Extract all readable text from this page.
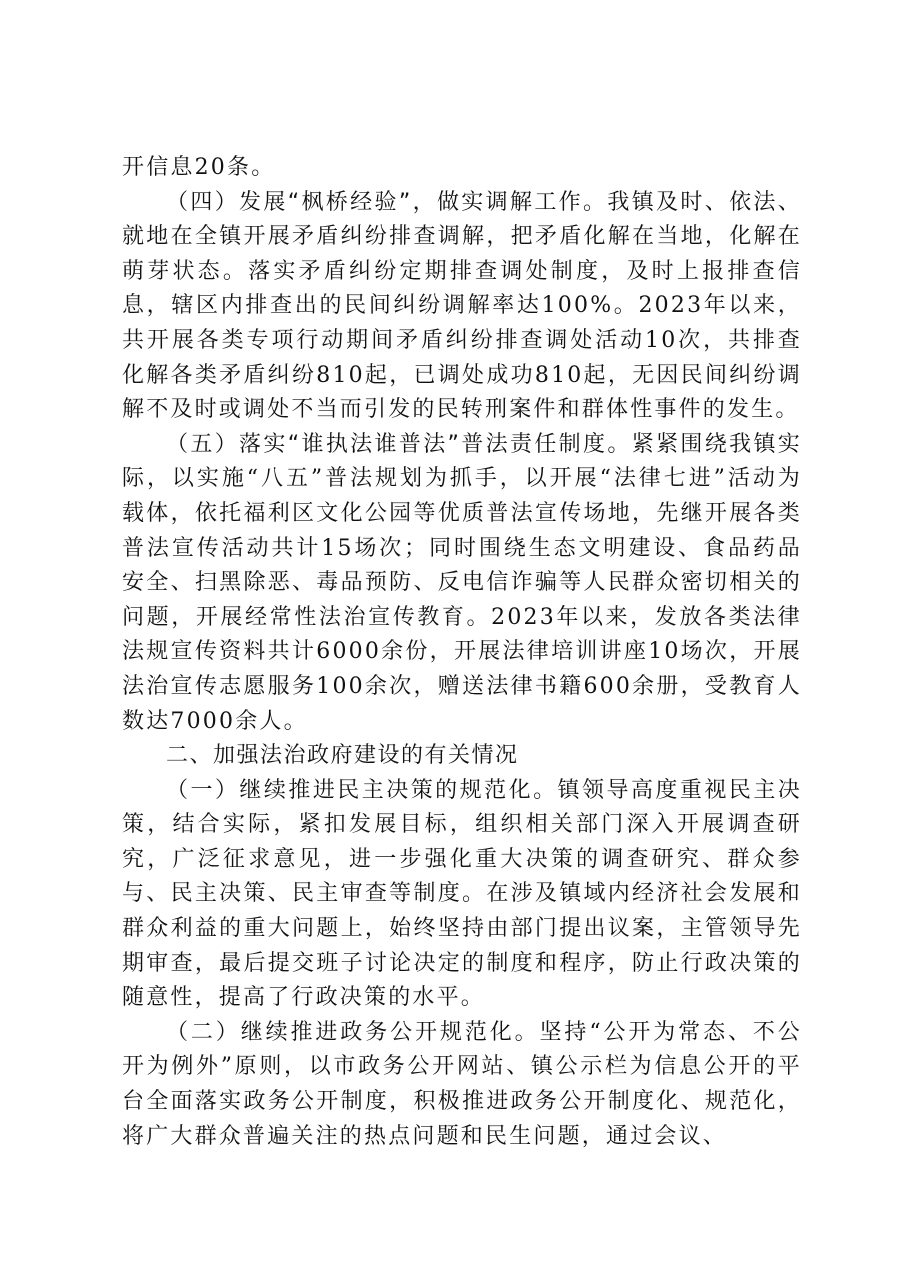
开信息20条。

（四）发展“枫桥经验”，做实调解工作。我镇及时、依法、就地在全镇开展矛盾纠纷排查调解，把矛盾化解在当地，化解在萌芽状态。落实矛盾纠纷定期排查调处制度，及时上报排查信息，辖区内排查出的民间纠纷调解率达100%。2023年以来，共开展各类专项行动期间矛盾纠纷排查调处活动10次，共排查化解各类矛盾纠纷810起，已调处成功810起，无因民间纠纷调解不及时或调处不当而引发的民转刑案件和群体性事件的发生。

（五）落实“谁执法谁普法”普法责任制度。紧紧围绕我镇实际，以实施“八五”普法规划为抓手，以开展“法律七进”活动为载体，依托福利区文化公园等优质普法宣传场地，先继开展各类普法宣传活动共计15场次；同时围绕生态文明建设、食品药品安全、扫黑除恶、毒品预防、反电信诈骗等人民群众密切相关的问题，开展经常性法治宣传教育。2023年以来，发放各类法律法规宣传资料共计6000余份，开展法律培训讲座10场次，开展法治宣传志愿服务100余次，赠送法律书籍600余册，受教育人数达7000余人。

二、加强法治政府建设的有关情况

（一）继续推进民主决策的规范化。镇领导高度重视民主决策，结合实际，紧扣发展目标，组织相关部门深入开展调查研究，广泛征求意见，进一步强化重大决策的调查研究、群众参与、民主决策、民主审查等制度。在涉及镇域内经济社会发展和群众利益的重大问题上，始终坚持由部门提出议案，主管领导先期审查，最后提交班子讨论决定的制度和程序，防止行政决策的随意性，提高了行政决策的水平。

（二）继续推进政务公开规范化。坚持“公开为常态、不公开为例外”原则，以市政务公开网站、镇公示栏为信息公开的平台全面落实政务公开制度，积极推进政务公开制度化、规范化，将广大群众普遍关注的热点问题和民生问题，通过会议、
